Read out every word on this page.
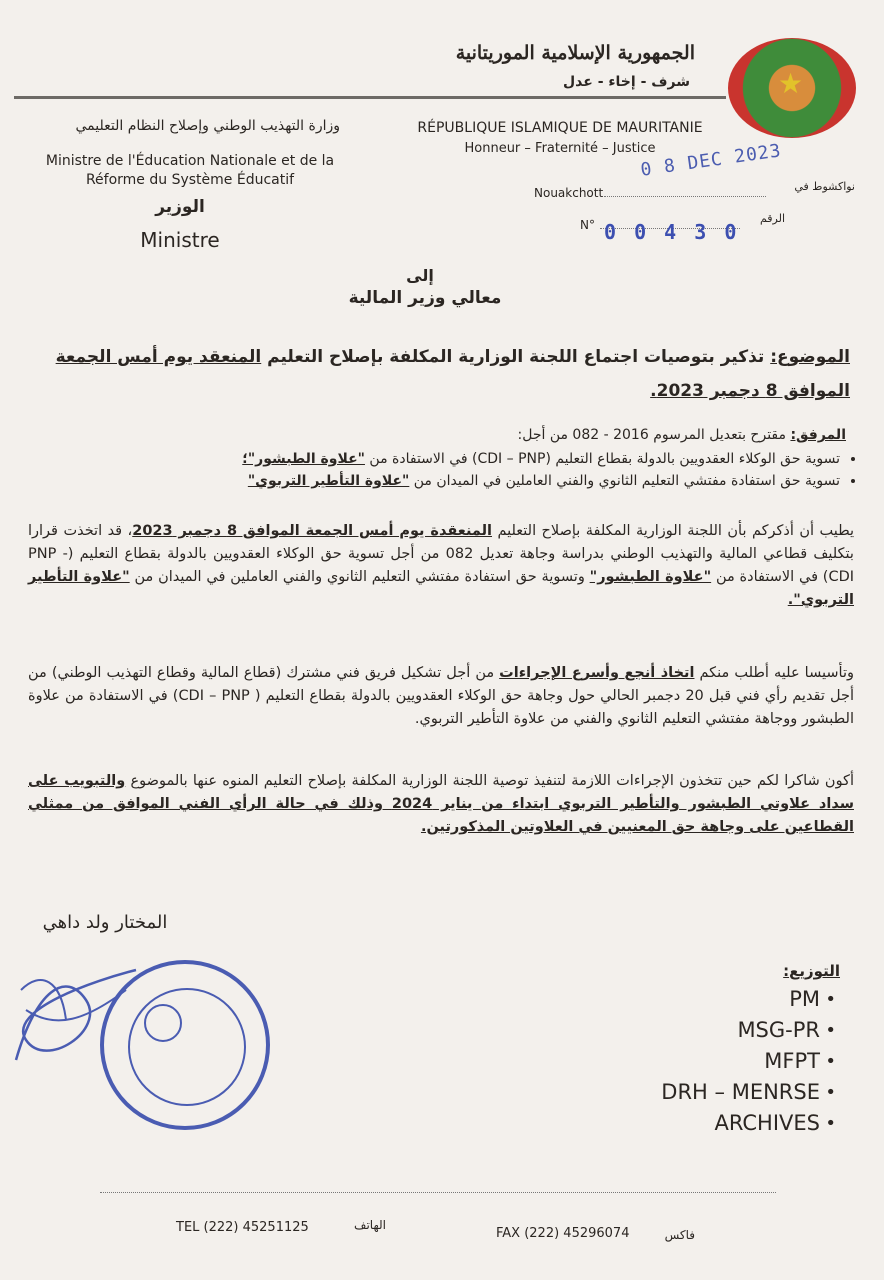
★
الجمهورية الإسلامية الموريتانية
شرف - إخاء - عدل
RÉPUBLIQUE ISLAMIQUE DE MAURITANIE
Honneur – Fraternité – Justice
وزارة التهذيب الوطني وإصلاح النظام التعليمي
Ministre de l'Éducation Nationale et de la Réforme du Système Éducatif
الوزير
Ministre
نواكشوط في
Nouakchott
0 8 DEC 2023
الرقم
N° 0 0 4 3 0
إلى
معالي وزير المالية
الموضوع: تذكير بتوصيات اجتماع اللجنة الوزارية المكلفة بإصلاح التعليم المنعقد يوم أمس الجمعة الموافق 8 دجمبر 2023.
المرفق: مقترح بتعديل المرسوم 2016 - 082 من أجل:
• تسوية حق الوكلاء العقدويين بالدولة بقطاع التعليم (CDI – PNP) في الاستفادة من "علاوة الطبشور"؛
• تسوية حق استفادة مفتشي التعليم الثانوي والفني العاملين في الميدان من "علاوة التأطير التربوي"
يطيب أن أذكركم بأن اللجنة الوزارية المكلفة بإصلاح التعليم المنعقدة يوم أمس الجمعة الموافق 8 دجمبر 2023، قد اتخذت قرارا بتكليف قطاعي المالية والتهذيب الوطني بدراسة وجاهة تعديل 082 من أجل تسوية حق الوكلاء العقدويين بالدولة بقطاع التعليم (PNP - CDI) في الاستفادة من "علاوة الطبشور" وتسوية حق استفادة مفتشي التعليم الثانوي والفني العاملين في الميدان من "علاوة التأطير التربوي".
وتأسيسا عليه أطلب منكم اتخاذ أنجع وأسرع الإجراءات من أجل تشكيل فريق فني مشترك (قطاع المالية وقطاع التهذيب الوطني) من أجل تقديم رأي فني قبل 20 دجمبر الحالي حول وجاهة حق الوكلاء العقدويين بالدولة بقطاع التعليم ( CDI – PNP) في الاستفادة من علاوة الطبشور ووجاهة مفتشي التعليم الثانوي والفني من علاوة التأطير التربوي.
أكون شاكرا لكم حين تتخذون الإجراءات اللازمة لتنفيذ توصية اللجنة الوزارية المكلفة بإصلاح التعليم المنوه عنها بالموضوع والتبويب على سداد علاوتي الطبشور والتأطير التربوي ابتداء من يناير 2024 وذلك في حالة الرأي الفني الموافق من ممثلي القطاعين على وجاهة حق المعنيين في العلاوتين المذكورتين.
المختار ولد داهي
التوزيع:
PM •
MSG-PR •
MFPT •
DRH – MENRSE •
ARCHIVES •
TEL (222) 45251125	الهاتف
FAX (222) 45296074	فاكس
